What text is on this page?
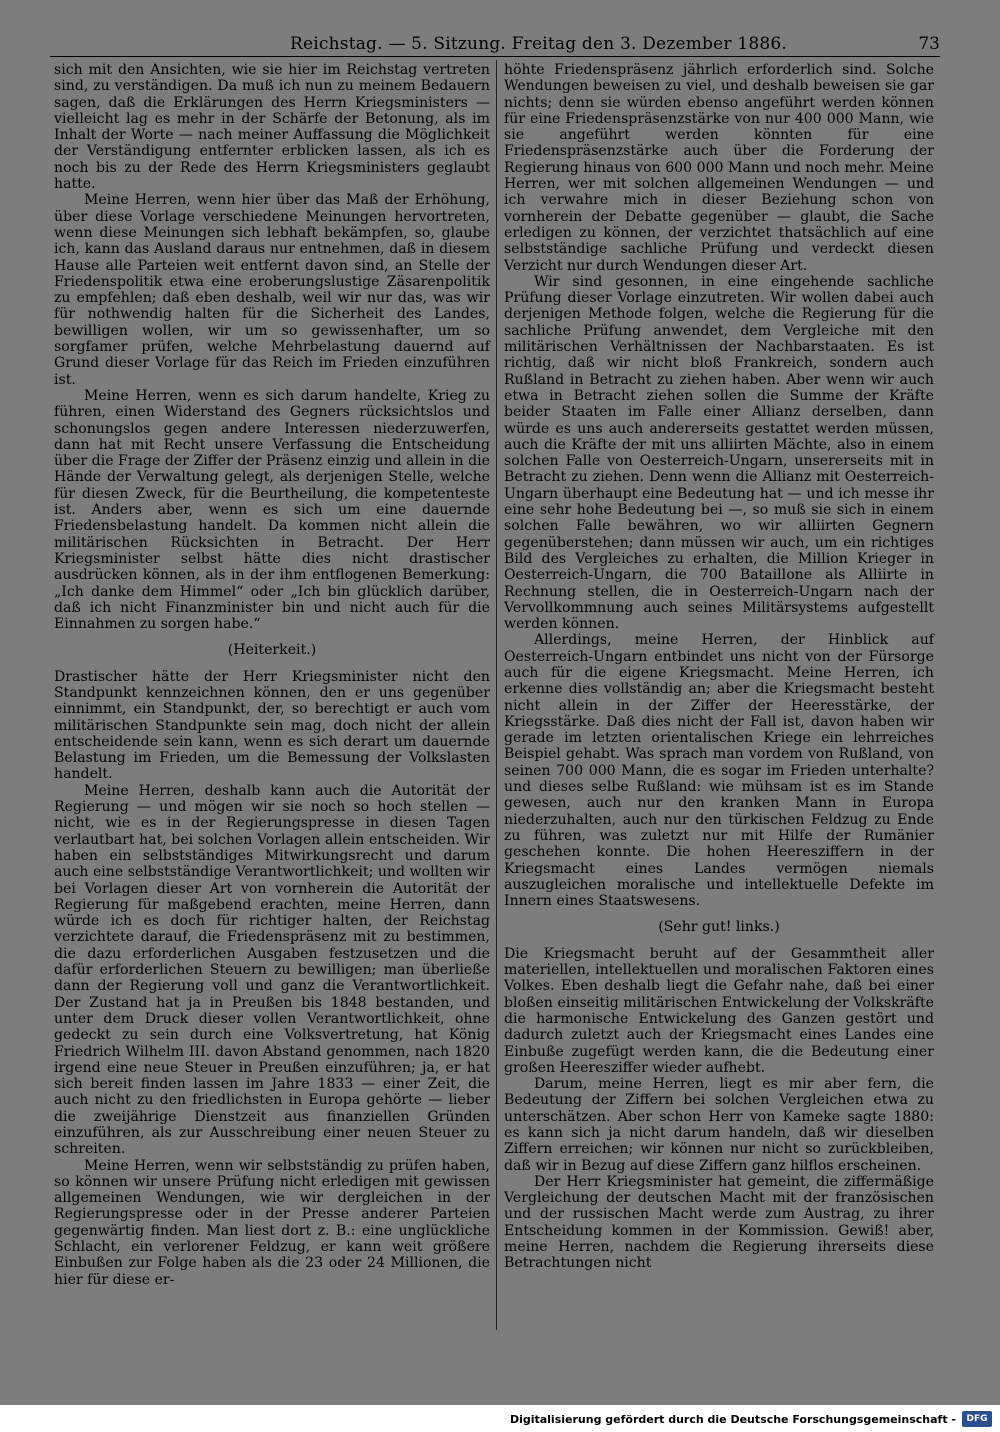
Reichstag. — 5. Sitzung. Freitag den 3. Dezember 1886.	73

sich mit den Ansichten, wie sie hier im Reichstag vertreten sind, zu verständigen. Da muß ich nun zu meinem Bedauern sagen, daß die Erklärungen des Herrn Kriegsministers — vielleicht lag es mehr in der Schärfe der Betonung, als im Inhalt der Worte — nach meiner Auffassung die Möglichkeit der Verständigung entfernter erblicken lassen, als ich es noch bis zu der Rede des Herrn Kriegsministers geglaubt hatte.

Meine Herren, wenn hier über das Maß der Erhöhung, über diese Vorlage verschiedene Meinungen hervortreten, wenn diese Meinungen sich lebhaft bekämpfen, so, glaube ich, kann das Ausland daraus nur entnehmen, daß in diesem Hause alle Parteien weit entfernt davon sind, an Stelle der Friedenspolitik etwa eine eroberungslustige Zäsarenpolitik zu empfehlen; daß eben deshalb, weil wir nur das, was wir für nothwendig halten für die Sicherheit des Landes, bewilligen wollen, wir um so gewissenhafter, um so sorgfamer prüfen, welche Mehrbelastung dauernd auf Grund dieser Vorlage für das Reich im Frieden einzuführen ist.

Meine Herren, wenn es sich darum handelte, Krieg zu führen, einen Widerstand des Gegners rücksichtslos und schonungslos gegen andere Interessen niederzuwerfen, dann hat mit Recht unsere Verfassung die Entscheidung über die Frage der Ziffer der Präsenz einzig und allein in die Hände der Verwaltung gelegt, als derjenigen Stelle, welche für diesen Zweck, für die Beurtheilung, die kompetenteste ist. Anders aber, wenn es sich um eine dauernde Friedensbelastung handelt. Da kommen nicht allein die militärischen Rücksichten in Betracht. Der Herr Kriegsminister selbst hätte dies nicht drastischer ausdrücken können, als in der ihm entflogenen Bemerkung: „Ich danke dem Himmel“ oder „Ich bin glücklich darüber, daß ich nicht Finanzminister bin und nicht auch für die Einnahmen zu sorgen habe.“

(Heiterkeit.)

Drastischer hätte der Herr Kriegsminister nicht den Standpunkt kennzeichnen können, den er uns gegenüber einnimmt, ein Standpunkt, der, so berechtigt er auch vom militärischen Standpunkte sein mag, doch nicht der allein entscheidende sein kann, wenn es sich derart um dauernde Belastung im Frieden, um die Bemessung der Volkslasten handelt.

Meine Herren, deshalb kann auch die Autorität der Regierung — und mögen wir sie noch so hoch stellen — nicht, wie es in der Regierungspresse in diesen Tagen verlautbart hat, bei solchen Vorlagen allein entscheiden. Wir haben ein selbstständiges Mitwirkungsrecht und darum auch eine selbstständige Verantwortlichkeit; und wollten wir bei Vorlagen dieser Art von vornherein die Autorität der Regierung für maßgebend erachten, meine Herren, dann würde ich es doch für richtiger halten, der Reichstag verzichtete darauf, die Friedenspräsenz mit zu bestimmen, die dazu erforderlichen Ausgaben festzusetzen und die dafür erforderlichen Steuern zu bewilligen; man überließe dann der Regierung voll und ganz die Verantwortlichkeit. Der Zustand hat ja in Preußen bis 1848 bestanden, und unter dem Druck dieser vollen Verantwortlichkeit, ohne gedeckt zu sein durch eine Volksvertretung, hat König Friedrich Wilhelm III. davon Abstand genommen, nach 1820 irgend eine neue Steuer in Preußen einzuführen; ja, er hat sich bereit finden lassen im Jahre 1833 — einer Zeit, die auch nicht zu den friedlichsten in Europa gehörte — lieber die zweijährige Dienstzeit aus finanziellen Gründen einzuführen, als zur Ausschreibung einer neuen Steuer zu schreiten.

Meine Herren, wenn wir selbstständig zu prüfen haben, so können wir unsere Prüfung nicht erledigen mit gewissen allgemeinen Wendungen, wie wir dergleichen in der Regierungspresse oder in der Presse anderer Parteien gegenwärtig finden. Man liest dort z. B.: eine unglückliche Schlacht, ein verlorener Feldzug, er kann weit größere Einbußen zur Folge haben als die 23 oder 24 Millionen, die hier für diese er-

höhte Friedenspräsenz jährlich erforderlich sind. Solche Wendungen beweisen zu viel, und deshalb beweisen sie gar nichts; denn sie würden ebenso angeführt werden können für eine Friedenspräsenzstärke von nur 400 000 Mann, wie sie angeführt werden könnten für eine Friedenspräsenzstärke auch über die Forderung der Regierung hinaus von 600 000 Mann und noch mehr. Meine Herren, wer mit solchen allgemeinen Wendungen — und ich verwahre mich in dieser Beziehung schon von vornherein der Debatte gegenüber — glaubt, die Sache erledigen zu können, der verzichtet thatsächlich auf eine selbstständige sachliche Prüfung und verdeckt diesen Verzicht nur durch Wendungen dieser Art.

Wir sind gesonnen, in eine eingehende sachliche Prüfung dieser Vorlage einzutreten. Wir wollen dabei auch derjenigen Methode folgen, welche die Regierung für die sachliche Prüfung anwendet, dem Vergleiche mit den militärischen Verhältnissen der Nachbarstaaten. Es ist richtig, daß wir nicht bloß Frankreich, sondern auch Rußland in Betracht zu ziehen haben. Aber wenn wir auch etwa in Betracht ziehen sollen die Summe der Kräfte beider Staaten im Falle einer Allianz derselben, dann würde es uns auch andererseits gestattet werden müssen, auch die Kräfte der mit uns alliirten Mächte, also in einem solchen Falle von Oesterreich-Ungarn, unsererseits mit in Betracht zu ziehen. Denn wenn die Allianz mit Oesterreich-Ungarn überhaupt eine Bedeutung hat — und ich messe ihr eine sehr hohe Bedeutung bei —, so muß sie sich in einem solchen Falle bewähren, wo wir alliirten Gegnern gegenüberstehen; dann müssen wir auch, um ein richtiges Bild des Vergleiches zu erhalten, die Million Krieger in Oesterreich-Ungarn, die 700 Bataillone als Alliirte in Rechnung stellen, die in Oesterreich-Ungarn nach der Vervollkommnung auch seines Militärsystems aufgestellt werden können.

Allerdings, meine Herren, der Hinblick auf Oesterreich-Ungarn entbindet uns nicht von der Fürsorge auch für die eigene Kriegsmacht. Meine Herren, ich erkenne dies vollständig an; aber die Kriegsmacht besteht nicht allein in der Ziffer der Heeresstärke, der Kriegsstärke. Daß dies nicht der Fall ist, davon haben wir gerade im letzten orientalischen Kriege ein lehrreiches Beispiel gehabt. Was sprach man vordem von Rußland, von seinen 700 000 Mann, die es sogar im Frieden unterhalte? und dieses selbe Rußland: wie mühsam ist es im Stande gewesen, auch nur den kranken Mann in Europa niederzuhalten, auch nur den türkischen Feldzug zu Ende zu führen, was zuletzt nur mit Hilfe der Rumänier geschehen konnte. Die hohen Heeresziffern in der Kriegsmacht eines Landes vermögen niemals auszugleichen moralische und intellektuelle Defekte im Innern eines Staatswesens.

(Sehr gut! links.)

Die Kriegsmacht beruht auf der Gesammtheit aller materiellen, intellektuellen und moralischen Faktoren eines Volkes. Eben deshalb liegt die Gefahr nahe, daß bei einer bloßen einseitig militärischen Entwickelung der Volkskräfte die harmonische Entwickelung des Ganzen gestört und dadurch zuletzt auch der Kriegsmacht eines Landes eine Einbuße zugefügt werden kann, die die Bedeutung einer großen Heeresziffer wieder aufhebt.

Darum, meine Herren, liegt es mir aber fern, die Bedeutung der Ziffern bei solchen Vergleichen etwa zu unterschätzen. Aber schon Herr von Kameke sagte 1880: es kann sich ja nicht darum handeln, daß wir dieselben Ziffern erreichen; wir können nur nicht so zurückbleiben, daß wir in Bezug auf diese Ziffern ganz hilflos erscheinen.

Der Herr Kriegsminister hat gemeint, die ziffermäßige Vergleichung der deutschen Macht mit der französischen und der russischen Macht werde zum Austrag, zu ihrer Entscheidung kommen in der Kommission. Gewiß! aber, meine Herren, nachdem die Regierung ihrerseits diese Betrachtungen nicht

Digitalisierung gefördert durch die Deutsche Forschungsgemeinschaft -	DFG
